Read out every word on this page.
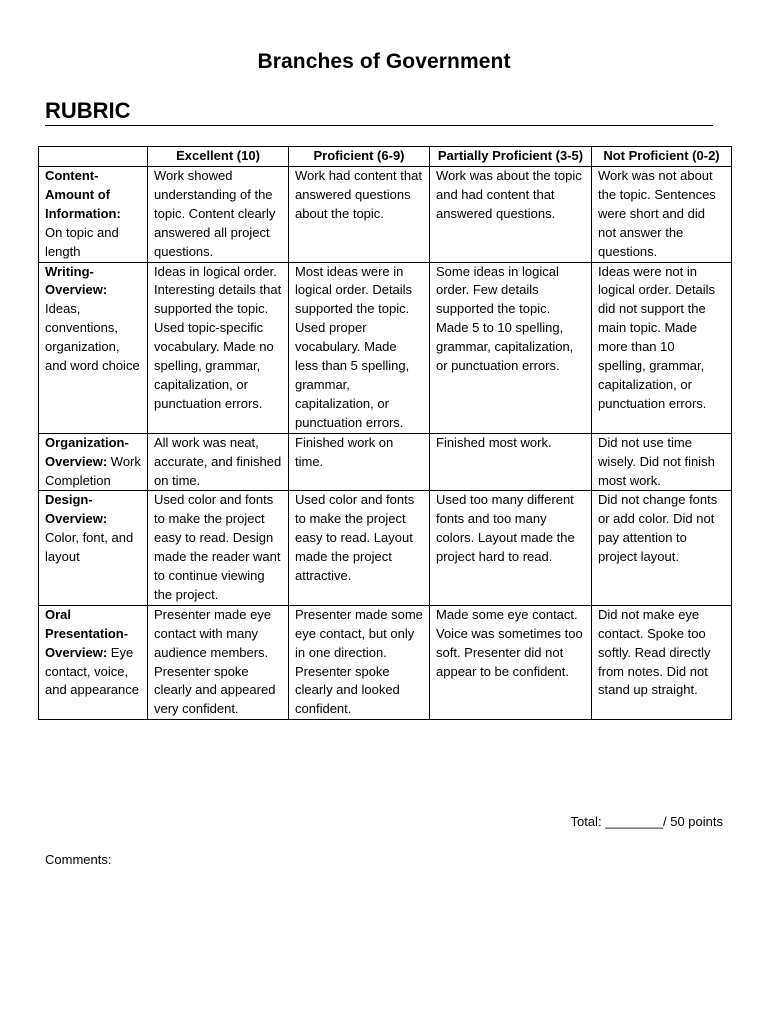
Branches of Government
RUBRIC
	Excellent (10)	Proficient (6-9)	Partially Proficient (3-5)	Not Proficient (0-2)
Content- Amount of Information: On topic and length	Work showed understanding of the topic. Content clearly answered all project questions.	Work had content that answered questions about the topic.	Work was about the topic and had content that answered questions.	Work was not about the topic. Sentences were short and did not answer the questions.
Writing- Overview: Ideas, conventions, organization, and word choice	Ideas in logical order. Interesting details that supported the topic. Used topic-specific vocabulary. Made no spelling, grammar, capitalization, or punctuation errors.	Most ideas were in logical order. Details supported the topic. Used proper vocabulary. Made less than 5 spelling, grammar, capitalization, or punctuation errors.	Some ideas in logical order. Few details supported the topic. Made 5 to 10 spelling, grammar, capitalization, or punctuation errors.	Ideas were not in logical order. Details did not support the main topic. Made more than 10 spelling, grammar, capitalization, or punctuation errors.
Organization- Overview: Work Completion	All work was neat, accurate, and finished on time.	Finished work on time.	Finished most work.	Did not use time wisely. Did not finish most work.
Design- Overview: Color, font, and layout	Used color and fonts to make the project easy to read. Design made the reader want to continue viewing the project.	Used color and fonts to make the project easy to read. Layout made the project attractive.	Used too many different fonts and too many colors. Layout made the project hard to read.	Did not change fonts or add color. Did not pay attention to project layout.
Oral Presentation- Overview: Eye contact, voice, and appearance	Presenter made eye contact with many audience members. Presenter spoke clearly and appeared very confident.	Presenter made some eye contact, but only in one direction. Presenter spoke clearly and looked confident.	Made some eye contact. Voice was sometimes too soft. Presenter did not appear to be confident.	Did not make eye contact. Spoke too softly. Read directly from notes. Did not stand up straight.
Total: ________/ 50 points
Comments:
